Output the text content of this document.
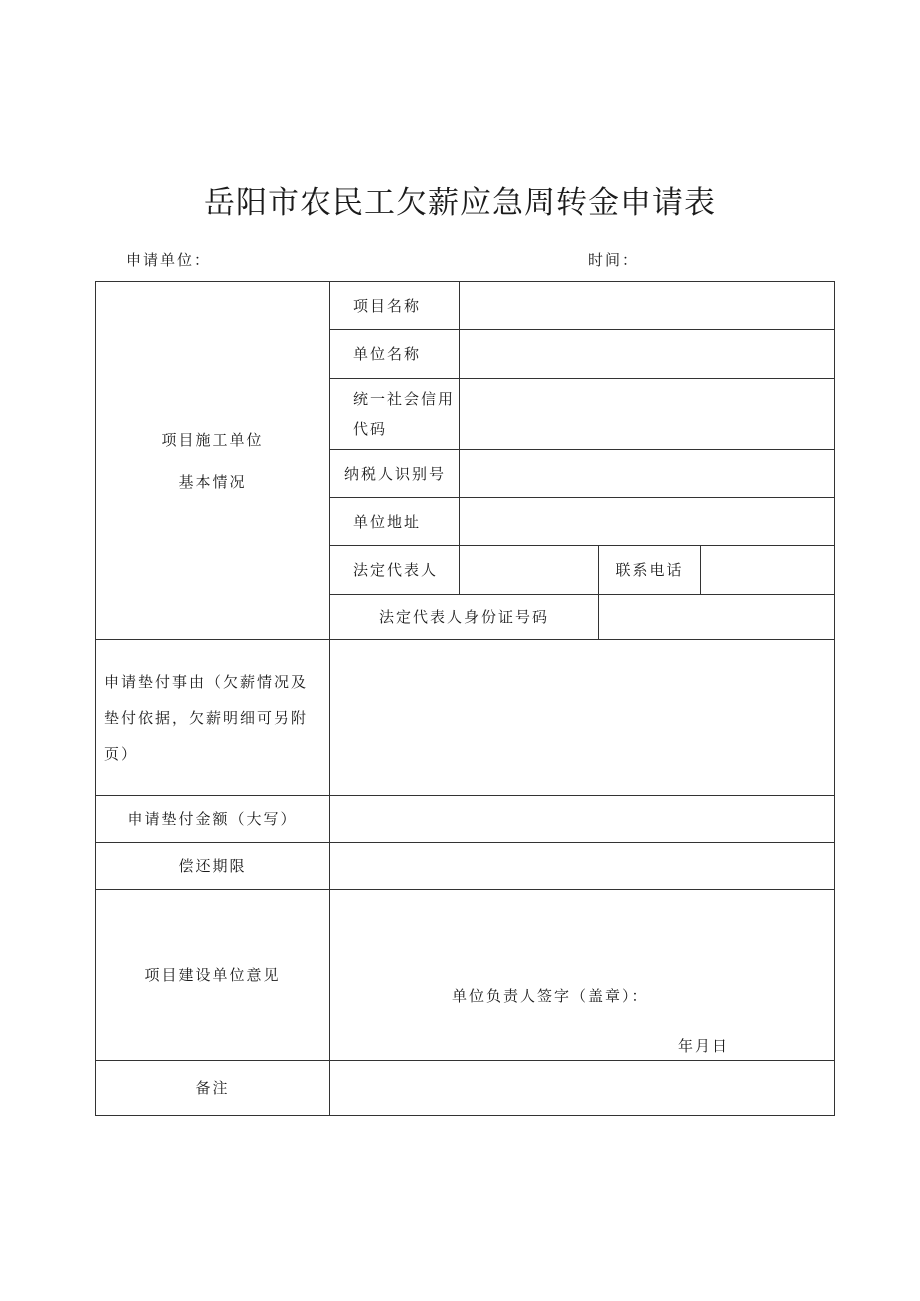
岳阳市农民工欠薪应急周转金申请表
申请单位：	时间：
项目施工单位
基本情况	项目名称			
	单位名称			
	统一社会信用代码			
	纳税人识别号			
	单位地址			
	法定代表人		联系电话	
	法定代表人身份证号码			
申请垫付事由（欠薪情况及垫付依据，欠薪明细可另附页）				
申请垫付金额（大写）				
偿还期限				
项目建设单位意见	单位负责人签字（盖章）：
年月日			

备注				
